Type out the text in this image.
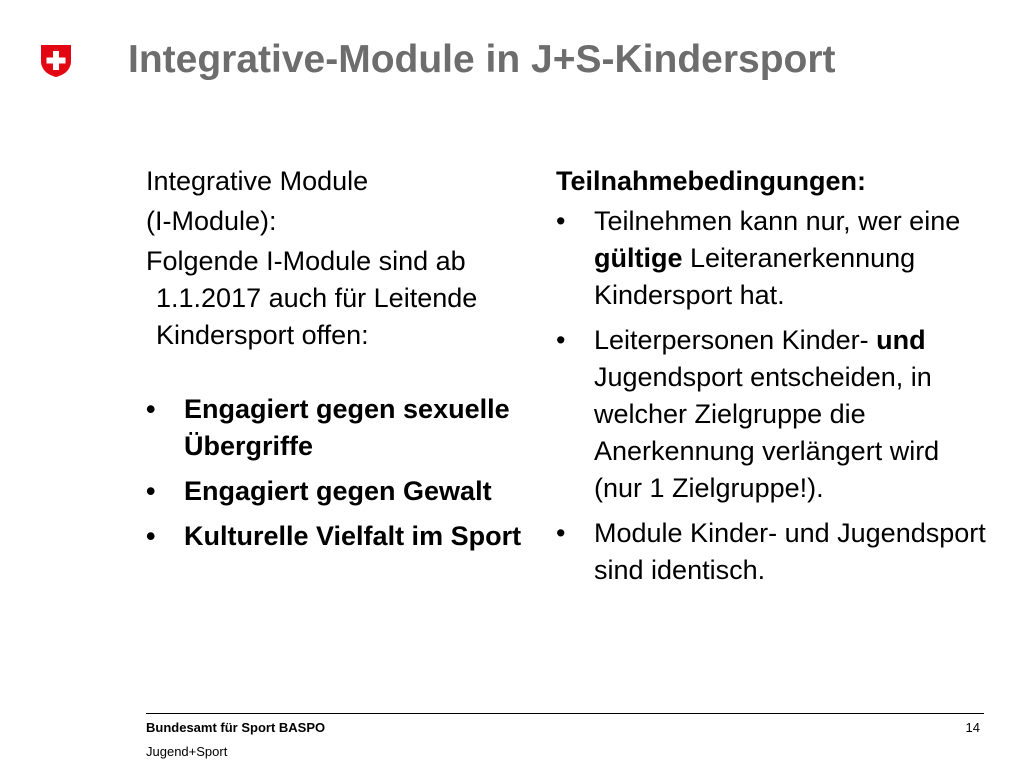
Integrative-Module in J+S-Kindersport

Integrative Module

(I-Module):

Folgende I-Module sind ab 1.1.2017 auch für Leitende Kindersport offen:

• Engagiert gegen sexuelle Übergriffe
• Engagiert gegen Gewalt
• Kulturelle Vielfalt im Sport

Teilnahmebedingungen:

• Teilnehmen kann nur, wer eine gültige Leiteranerkennung Kindersport hat.
• Leiterpersonen Kinder- und Jugendsport entscheiden, in welcher Zielgruppe die Anerkennung verlängert wird (nur 1 Zielgruppe!).
• Module Kinder- und Jugendsport sind identisch.
Bundesamt für Sport BASPO	14
Jugend+Sport
